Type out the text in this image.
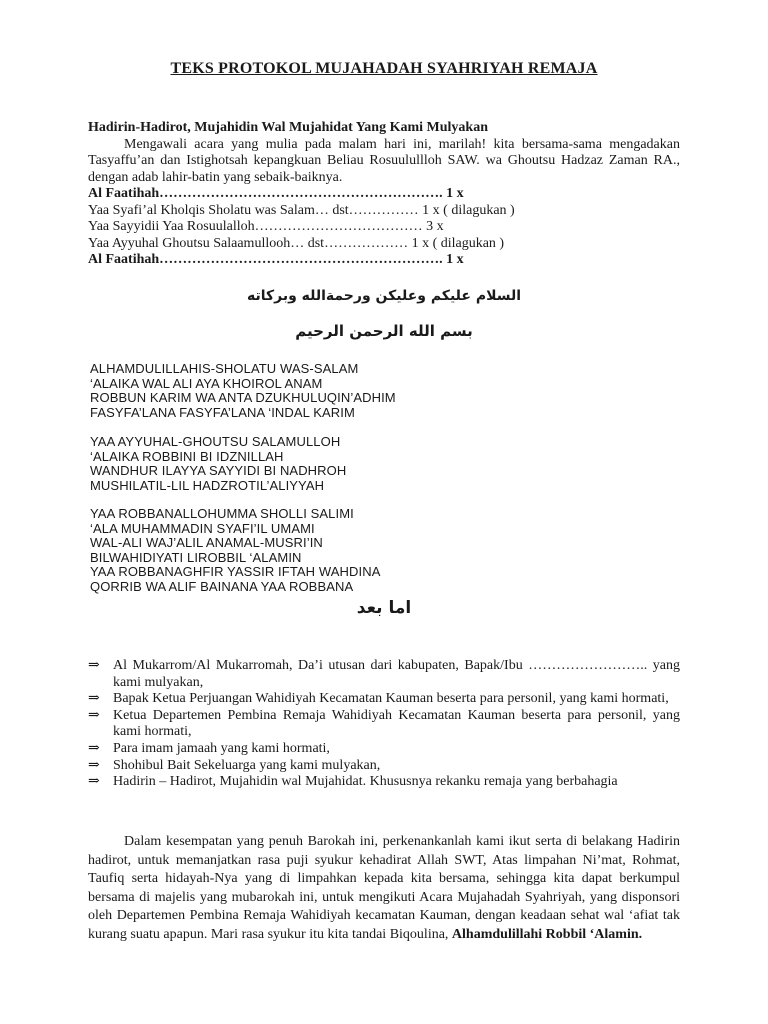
TEKS PROTOKOL MUJAHADAH SYAHRIYAH REMAJA
Hadirin-Hadirot, Mujahidin Wal Mujahidat Yang Kami Mulyakan
Mengawali acara yang mulia pada malam hari ini, marilah! kita bersama-sama mengadakan Tasyaffu’an dan Istighotsah kepangkuan Beliau Rosuulullloh SAW. wa Ghoutsu Hadzaz Zaman RA., dengan adab lahir-batin yang sebaik-baiknya.
Al Faatihah……………………………………………………. 1 x
Yaa Syafi’al Kholqis Sholatu was Salam… dst…………… 1 x ( dilagukan )
Yaa Sayyidii Yaa Rosuulalloh……………………………… 3 x
Yaa Ayyuhal Ghoutsu Salaamullooh… dst……………… 1 x ( dilagukan )
Al Faatihah……………………………………………………. 1 x
السلام عليكم وعليكن ورحمةالله وبركاته
بسم الله الرحمن الرحيم
ALHAMDULILLAHIS-SHOLATU WAS-SALAM
‘ALAIKA WAL ALI AYA KHOIROL ANAM
ROBBUN KARIM WA ANTA DZUKHULUQIN’ADHIM
FASYFA’LANA FASYFA’LANA ‘INDAL KARIM
YAA AYYUHAL-GHOUTSU SALAMULLOH
‘ALAIKA ROBBINI BI IDZNILLAH
WANDHUR ILAYYA SAYYIDI BI NADHROH
MUSHILATIL-LIL HADZROTIL’ALIYYAH
YAA ROBBANALLOHUMMA SHOLLI SALIMI
‘ALA MUHAMMADIN SYAFI’IL UMAMI
WAL-ALI WAJ’ALIL ANAMAL-MUSRI’IN
BILWAHIDIYATI LIROBBIL ‘ALAMIN
YAA ROBBANAGHFIR YASSIR IFTAH WAHDINA
QORRIB WA ALIF BAINANA YAA ROBBANA
اما بعد
⇒ Al Mukarrom/Al Mukarromah, Da’i utusan dari kabupaten, Bapak/Ibu …………………….. yang kami mulyakan,
⇒ Bapak Ketua Perjuangan Wahidiyah Kecamatan Kauman beserta para personil, yang kami hormati,
⇒ Ketua Departemen Pembina Remaja Wahidiyah Kecamatan Kauman beserta para personil, yang kami hormati,
⇒ Para imam jamaah yang kami hormati,
⇒ Shohibul Bait Sekeluarga yang kami mulyakan,
⇒ Hadirin – Hadirot, Mujahidin wal Mujahidat. Khususnya rekanku remaja yang berbahagia
Dalam kesempatan yang penuh Barokah ini, perkenankanlah kami ikut serta di belakang Hadirin hadirot, untuk memanjatkan rasa puji syukur kehadirat Allah SWT, Atas limpahan Ni’mat, Rohmat, Taufiq serta hidayah-Nya yang di limpahkan kepada kita bersama, sehingga kita dapat berkumpul bersama di majelis yang mubarokah ini, untuk mengikuti Acara Mujahadah Syahriyah, yang disponsori oleh Departemen Pembina Remaja Wahidiyah kecamatan Kauman, dengan keadaan sehat wal ‘afiat tak kurang suatu apapun. Mari rasa syukur itu kita tandai Biqoulina, Alhamdulillahi Robbil ‘Alamin.
